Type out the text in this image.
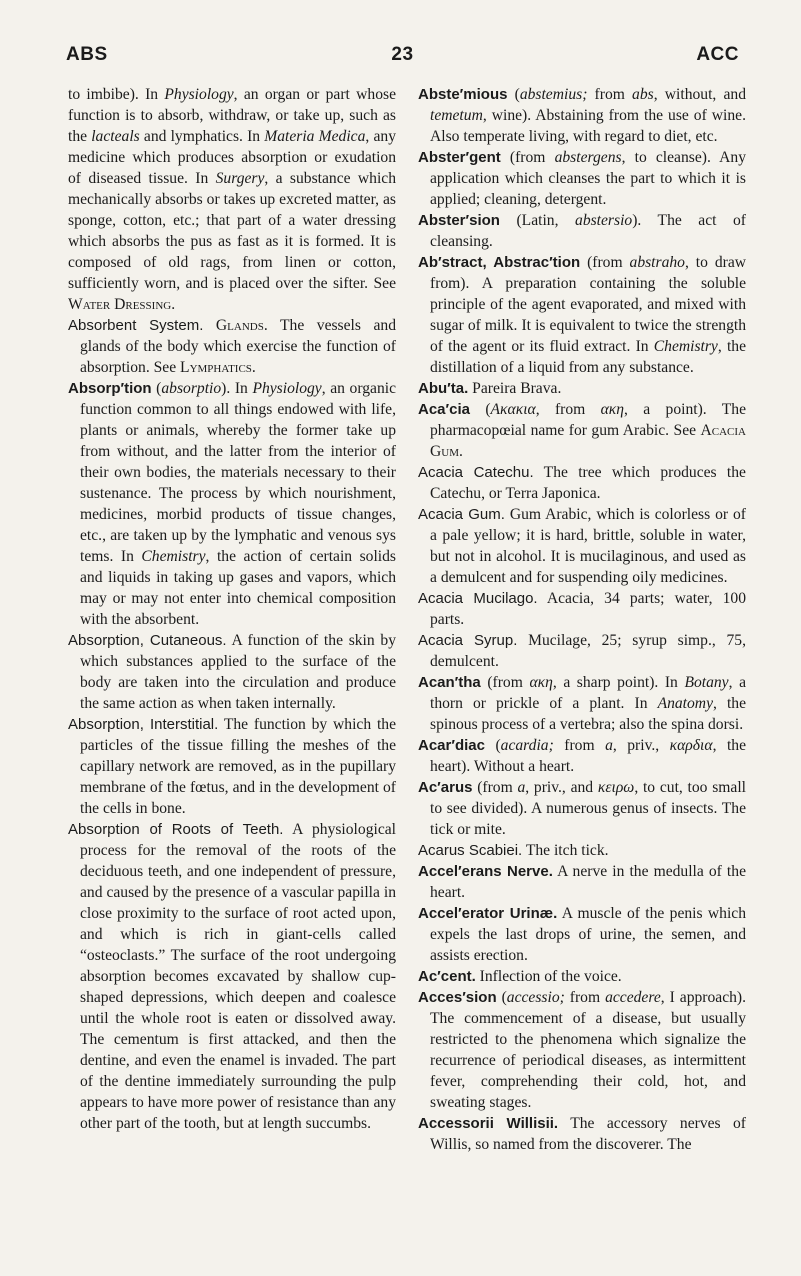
ABS	23	ACC

to imbibe). In Physiology, an organ or part whose function is to absorb, withdraw, or take up, such as the lacteals and lymphatics. In Materia Medica, any medicine which produces absorption or exudation of diseased tissue. In Surgery, a substance which mechanically absorbs or takes up excreted matter, as sponge, cotton, etc.; that part of a water dressing which absorbs the pus as fast as it is formed. It is composed of old rags, from linen or cotton, sufficiently worn, and is placed over the sifter. See Water Dressing.

Absorbent System. Glands. The vessels and glands of the body which exercise the function of absorption. See Lymphatics.

Absorp′tion (absorptio). In Physiology, an organic function common to all things endowed with life, plants or animals, whereby the former take up from without, and the latter from the interior of their own bodies, the materials necessary to their sustenance. The process by which nourishment, medicines, morbid products of tissue changes, etc., are taken up by the lymphatic and venous sys tems. In Chemistry, the action of certain solids and liquids in taking up gases and vapors, which may or may not enter into chemical composition with the absorbent.

Absorption, Cutaneous. A function of the skin by which substances applied to the surface of the body are taken into the circulation and produce the same action as when taken internally.

Absorption, Interstitial. The function by which the particles of the tissue filling the meshes of the capillary network are removed, as in the pupillary membrane of the fœtus, and in the development of the cells in bone.

Absorption of Roots of Teeth. A physiological process for the removal of the roots of the deciduous teeth, and one independent of pressure, and caused by the presence of a vascular papilla in close proximity to the surface of root acted upon, and which is rich in giant-cells called “osteoclasts.” The surface of the root undergoing absorption becomes excavated by shallow cup-shaped depressions, which deepen and coalesce until the whole root is eaten or dissolved away. The cementum is first attacked, and then the dentine, and even the enamel is invaded. The part of the dentine immediately surrounding the pulp appears to have more power of resistance than any other part of the tooth, but at length succumbs.

Abste′mious (abstemius; from abs, without, and temetum, wine). Abstaining from the use of wine. Also temperate living, with regard to diet, etc.

Abster′gent (from abstergens, to cleanse). Any application which cleanses the part to which it is applied; cleaning, detergent.

Abster′sion (Latin, abstersio). The act of cleansing.

Ab′stract, Abstrac′tion (from abstraho, to draw from). A preparation containing the soluble principle of the agent evaporated, and mixed with sugar of milk. It is equivalent to twice the strength of the agent or its fluid extract. In Chemistry, the distillation of a liquid from any substance.

Abu′ta. Pareira Brava.

Aca′cia (Ακακια, from ακη, a point). The pharmacopœial name for gum Arabic. See Acacia Gum.

Acacia Catechu. The tree which produces the Catechu, or Terra Japonica.

Acacia Gum. Gum Arabic, which is colorless or of a pale yellow; it is hard, brittle, soluble in water, but not in alcohol. It is mucilaginous, and used as a demulcent and for suspending oily medicines.

Acacia Mucilago. Acacia, 34 parts; water, 100 parts.

Acacia Syrup. Mucilage, 25; syrup simp., 75, demulcent.

Acan′tha (from ακη, a sharp point). In Botany, a thorn or prickle of a plant. In Anatomy, the spinous process of a vertebra; also the spina dorsi.

Acar′diac (acardia; from a, priv., καρδια, the heart). Without a heart.

Ac′arus (from a, priv., and κειρω, to cut, too small to see divided). A numerous genus of insects. The tick or mite.

Acarus Scabiei. The itch tick.

Accel′erans Nerve. A nerve in the medulla of the heart.

Accel′erator Urinæ. A muscle of the penis which expels the last drops of urine, the semen, and assists erection.

Ac′cent. Inflection of the voice.

Acces′sion (accessio; from accedere, I approach). The commencement of a disease, but usually restricted to the phenomena which signalize the recurrence of periodical diseases, as intermittent fever, comprehending their cold, hot, and sweating stages.

Accessorii Willisii. The accessory nerves of Willis, so named from the discoverer. The
